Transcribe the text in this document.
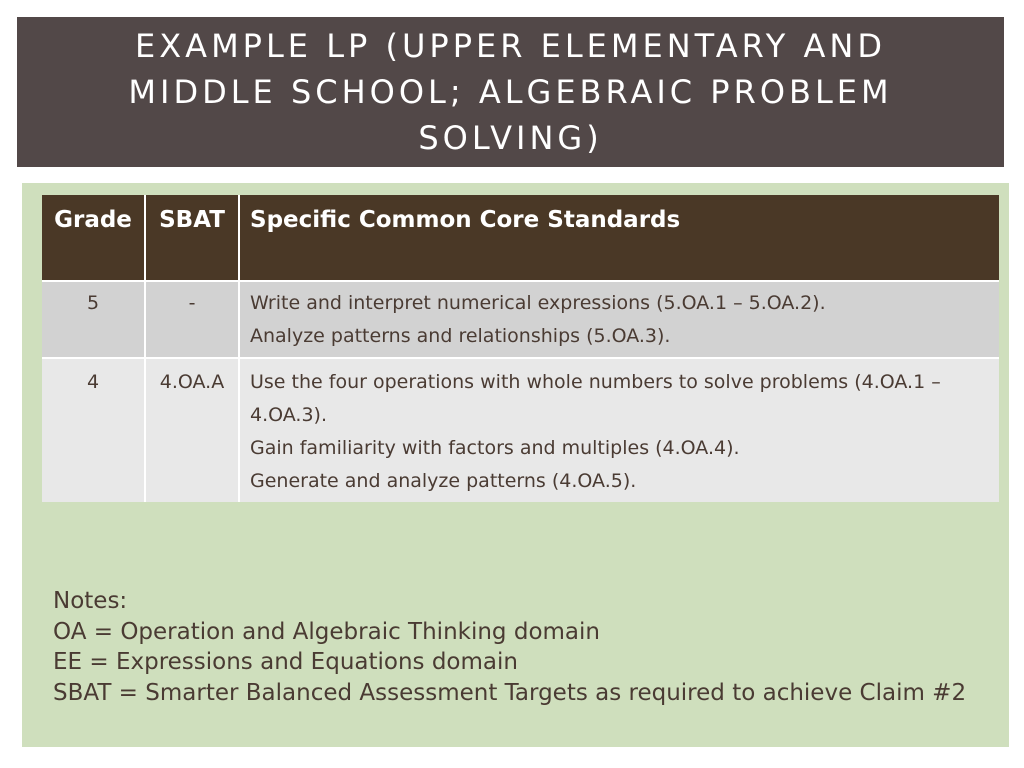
EXAMPLE LP (UPPER ELEMENTARY AND MIDDLE SCHOOL; ALGEBRAIC PROBLEM SOLVING)
Grade	SBAT	Specific Common Core Standards
5	-	Write and interpret numerical expressions (5.OA.1 – 5.OA.2).
Analyze patterns and relationships (5.OA.3).

4	4.OA.A	Use the four operations with whole numbers to solve problems (4.OA.1 – 4.OA.3).
Gain familiarity with factors and multiples (4.OA.4).
Generate and analyze patterns (4.OA.5).
Notes:
OA = Operation and Algebraic Thinking domain
EE = Expressions and Equations domain
SBAT = Smarter Balanced Assessment Targets as required to achieve Claim #2
